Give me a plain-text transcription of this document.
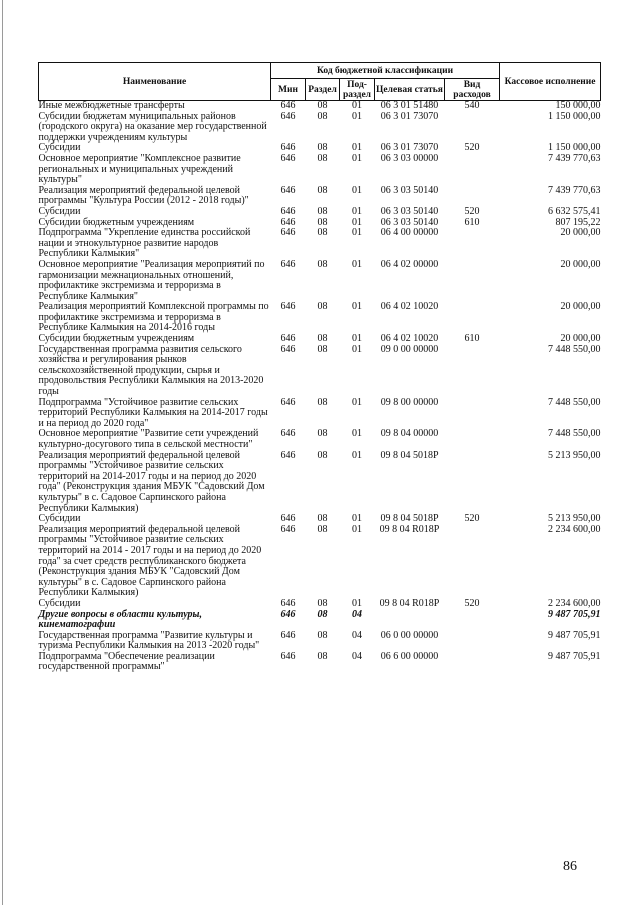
Наименование	Код бюджетной классификации					Кассовое исполнение
	Мин	Раздел	Под-раздел	Целевая статья	Вид расходов	
Иные межбюджетные трансферты	646	08	01	06 3 01 51480	540	150 000,00
Субсидии бюджетам муниципальных районов (городского округа) на оказание мер государственной поддержки учреждениям культуры	646	08	01	06 3 01 73070		1 150 000,00
Субсидии	646	08	01	06 3 01 73070	520	1 150 000,00
Основное мероприятие "Комплексное развитие региональных и муниципальных учреждений культуры"	646	08	01	06 3 03 00000		7 439 770,63
Реализация мероприятий федеральной целевой программы "Культура России (2012 - 2018 годы)"	646	08	01	06 3 03 50140		7 439 770,63
Субсидии	646	08	01	06 3 03 50140	520	6 632 575,41
Субсидии бюджетным учреждениям	646	08	01	06 3 03 50140	610	807 195,22
Подпрограмма "Укрепление единства российской нации и этнокультурное развитие народов Республики Калмыкия"	646	08	01	06 4 00 00000		20 000,00
Основное мероприятие "Реализация мероприятий по гармонизации межнациональных отношений, профилактике экстремизма и терроризма в Республике Калмыкия"	646	08	01	06 4 02 00000		20 000,00
Реализация мероприятий Комплексной программы по профилактике экстремизма и терроризма в Республике Калмыкия на 2014-2016 годы	646	08	01	06 4 02 10020		20 000,00
Субсидии бюджетным учреждениям	646	08	01	06 4 02 10020	610	20 000,00
Государственная программа развития сельского хозяйства и регулирования рынков сельскохозяйственной продукции, сырья и продовольствия Республики Калмыкия на 2013-2020 годы	646	08	01	09 0 00 00000		7 448 550,00
Подпрограмма "Устойчивое развитие сельских территорий Республики Калмыкия на 2014-2017 годы и на период до 2020 года"	646	08	01	09 8 00 00000		7 448 550,00
Основное мероприятие "Развитие сети учреждений культурно-досугового типа в сельской местности"	646	08	01	09 8 04 00000		7 448 550,00
Реализация мероприятий федеральной целевой программы "Устойчивое развитие сельских территорий на 2014-2017 годы и на период до 2020 года" (Реконструкция здания МБУК "Садовский Дом культуры" в с. Садовое Сарпинского района Республики Калмыкия)	646	08	01	09 8 04 5018Р		5 213 950,00
Субсидии	646	08	01	09 8 04 5018Р	520	5 213 950,00
Реализация мероприятий федеральной целевой программы "Устойчивое развитие сельских территорий на 2014 - 2017 годы и на период до 2020 года" за счет средств республиканского бюджета (Реконструкция здания МБУК "Садовский Дом культуры" в с. Садовое Сарпинского района Республики Калмыкия)	646	08	01	09 8 04 R018Р		2 234 600,00
Субсидии	646	08	01	09 8 04 R018Р	520	2 234 600,00
Другие вопросы в области культуры, кинематографии	646	08	04			9 487 705,91
Государственная программа "Развитие культуры и туризма Республики Калмыкия на 2013 -2020 годы"	646	08	04	06 0 00 00000		9 487 705,91
Подпрограмма "Обеспечение реализации государственной программы"	646	08	04	06 6 00 00000		9 487 705,91
86
